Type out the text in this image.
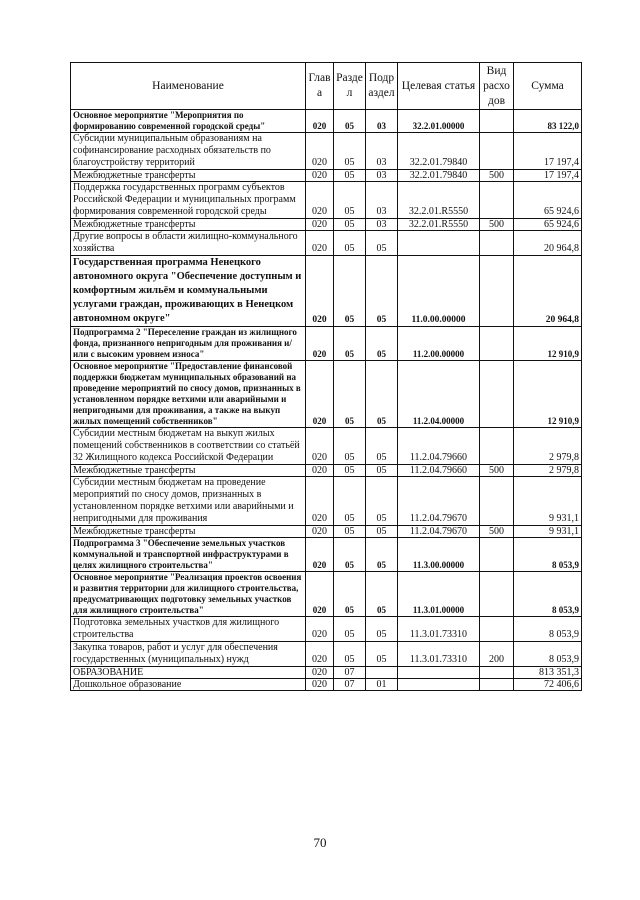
Наименование	Глав а	Разде л	Подр аздел	Целевая статья	Вид расхо дов	Сумма
Основное мероприятие "Мероприятия по формированию современной городской среды"	020	05	03	32.2.01.00000		83 122,0
Субсидии муниципальным образованиям на софинансирование расходных обязательств по благоустройству территорий	020	05	03	32.2.01.79840		17 197,4
Межбюджетные трансферты	020	05	03	32.2.01.79840	500	17 197,4
Поддержка государственных программ субъектов Российской Федерации и муниципальных программ формирования современной городской среды	020	05	03	32.2.01.R5550		65 924,6
Межбюджетные трансферты	020	05	03	32.2.01.R5550	500	65 924,6
Другие вопросы в области жилищно-коммунального хозяйства	020	05	05			20 964,8
Государственная программа Ненецкого автономного округа "Обеспечение доступным и комфортным жильём и коммунальными услугами граждан, проживающих в Ненецком автономном округе"	020	05	05	11.0.00.00000		20 964,8
Подпрограмма 2 "Переселение граждан из жилищного фонда, признанного непригодным для проживания и/или с высоким уровнем износа"	020	05	05	11.2.00.00000		12 910,9
Основное мероприятие "Предоставление финансовой поддержки бюджетам муниципальных образований на проведение мероприятий по сносу домов, признанных в установленном порядке ветхими или аварийными и непригодными для проживания, а также на выкуп жилых помещений собственников"	020	05	05	11.2.04.00000		12 910,9
Субсидии местным бюджетам на выкуп жилых помещений собственников в соответствии со статьёй 32 Жилищного кодекса Российской Федерации	020	05	05	11.2.04.79660		2 979,8
Межбюджетные трансферты	020	05	05	11.2.04.79660	500	2 979,8
Субсидии местным бюджетам на проведение мероприятий по сносу домов, признанных в установленном порядке ветхими или аварийными и непригодными для проживания	020	05	05	11.2.04.79670		9 931,1
Межбюджетные трансферты	020	05	05	11.2.04.79670	500	9 931,1
Подпрограмма 3 "Обеспечение земельных участков коммунальной и транспортной инфраструктурами в целях жилищного строительства"	020	05	05	11.3.00.00000		8 053,9
Основное мероприятие "Реализация проектов освоения и развития территории для жилищного строительства, предусматривающих подготовку земельных участков для жилищного строительства"	020	05	05	11.3.01.00000		8 053,9
Подготовка земельных участков для жилищного строительства	020	05	05	11.3.01.73310		8 053,9
Закупка товаров, работ и услуг для обеспечения государственных (муниципальных) нужд	020	05	05	11.3.01.73310	200	8 053,9
ОБРАЗОВАНИЕ	020	07				813 351,3
Дошкольное образование	020	07	01			72 406,6
70
